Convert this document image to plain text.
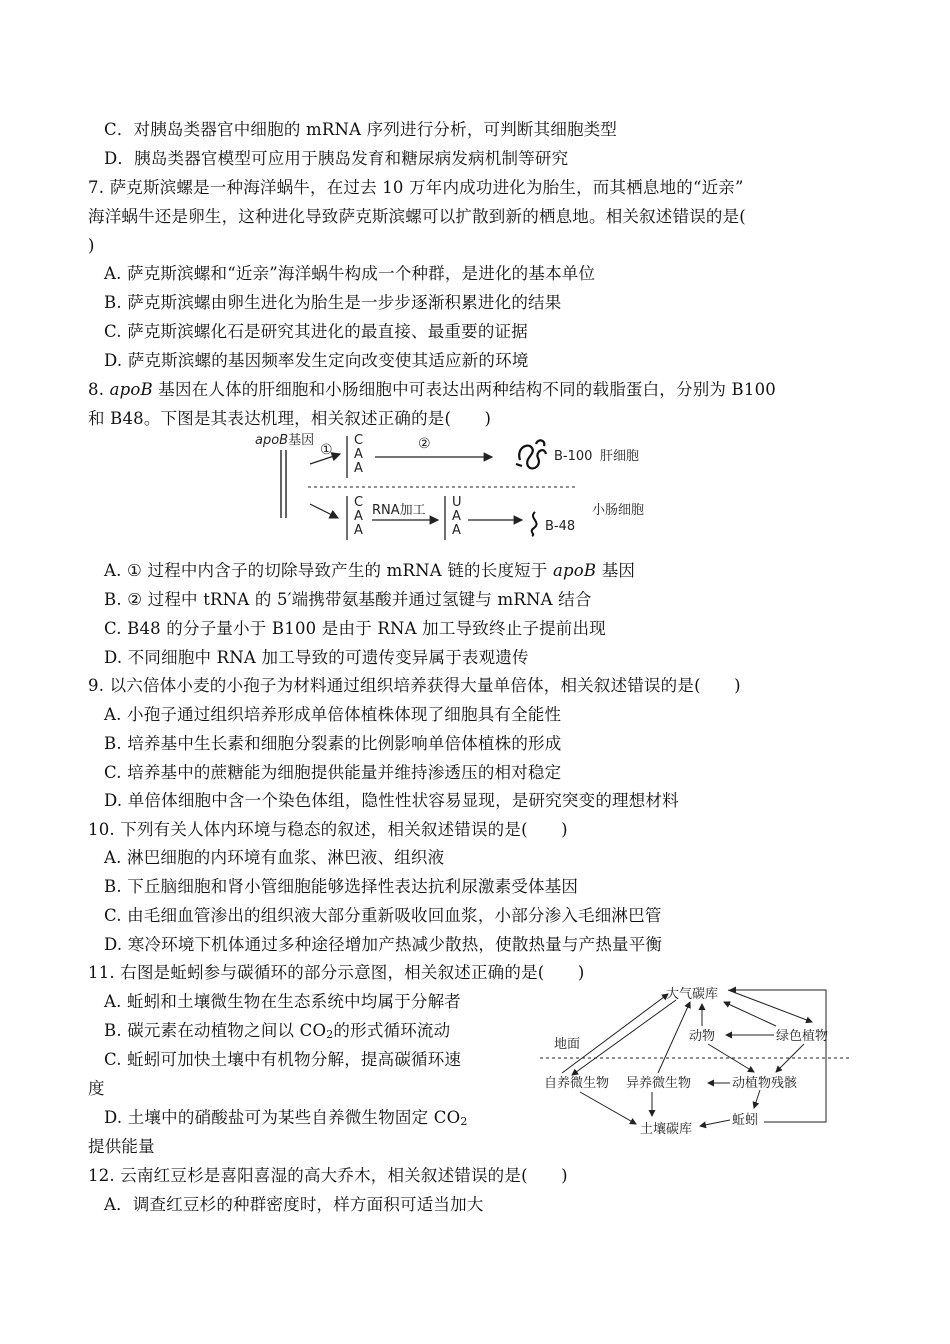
C．对胰岛类器官中细胞的 mRNA 序列进行分析，可判断其细胞类型
D．胰岛类器官模型可应用于胰岛发育和糖尿病发病机制等研究
7. 萨克斯滨螺是一种海洋蜗牛，在过去 10 万年内成功进化为胎生，而其栖息地的“近亲”
海洋蜗牛还是卵生，这种进化导致萨克斯滨螺可以扩散到新的栖息地。相关叙述错误的是(
)
A. 萨克斯滨螺和“近亲”海洋蜗牛构成一个种群，是进化的基本单位
B. 萨克斯滨螺由卵生进化为胎生是一步步逐渐积累进化的结果
C. 萨克斯滨螺化石是研究其进化的最直接、最重要的证据
D. 萨克斯滨螺的基因频率发生定向改变使其适应新的环境
8. apoB 基因在人体的肝细胞和小肠细胞中可表达出两种结构不同的载脂蛋白，分别为 B100
和 B48。下图是其表达机理，相关叙述正确的是(　　)
apoB基因
①
C
A
A
②
B-100 肝细胞
C
A
A
RNA加工
U
A
A	B-48
小肠细胞
A. ① 过程中内含子的切除导致产生的 mRNA 链的长度短于 apoB 基因
B. ② 过程中 tRNA 的 5′端携带氨基酸并通过氢键与 mRNA 结合
C. B48 的分子量小于 B100 是由于 RNA 加工导致终止子提前出现
D. 不同细胞中 RNA 加工导致的可遗传变异属于表观遗传
9. 以六倍体小麦的小孢子为材料通过组织培养获得大量单倍体，相关叙述错误的是(　　)
A. 小孢子通过组织培养形成单倍体植株体现了细胞具有全能性
B. 培养基中生长素和细胞分裂素的比例影响单倍体植株的形成
C. 培养基中的蔗糖能为细胞提供能量并维持渗透压的相对稳定
D. 单倍体细胞中含一个染色体组，隐性性状容易显现，是研究突变的理想材料
10. 下列有关人体内环境与稳态的叙述，相关叙述错误的是(　　)
A. 淋巴细胞的内环境有血浆、淋巴液、组织液
B. 下丘脑细胞和肾小管细胞能够选择性表达抗利尿激素受体基因
C. 由毛细血管渗出的组织液大部分重新吸收回血浆，小部分渗入毛细淋巴管
D. 寒冷环境下机体通过多种途径增加产热减少散热，使散热量与产热量平衡
11. 右图是蚯蚓参与碳循环的部分示意图，相关叙述正确的是(　　)
A. 蚯蚓和土壤微生物在生态系统中均属于分解者
B. 碳元素在动植物之间以 $CO_2$的形式循环流动
C. 蚯蚓可加快土壤中有机物分解，提高碳循环速
度
D. 土壤中的硝酸盐可为某些自养微生物固定 $CO_2$
提供能量
大气碳库
地面
动物	绿色植物
自养微生物 异养微生物	动植物残骸
蚯蚓
土壤碳库
12. 云南红豆杉是喜阳喜湿的高大乔木，相关叙述错误的是(　　)
A．调查红豆杉的种群密度时，样方面积可适当加大
